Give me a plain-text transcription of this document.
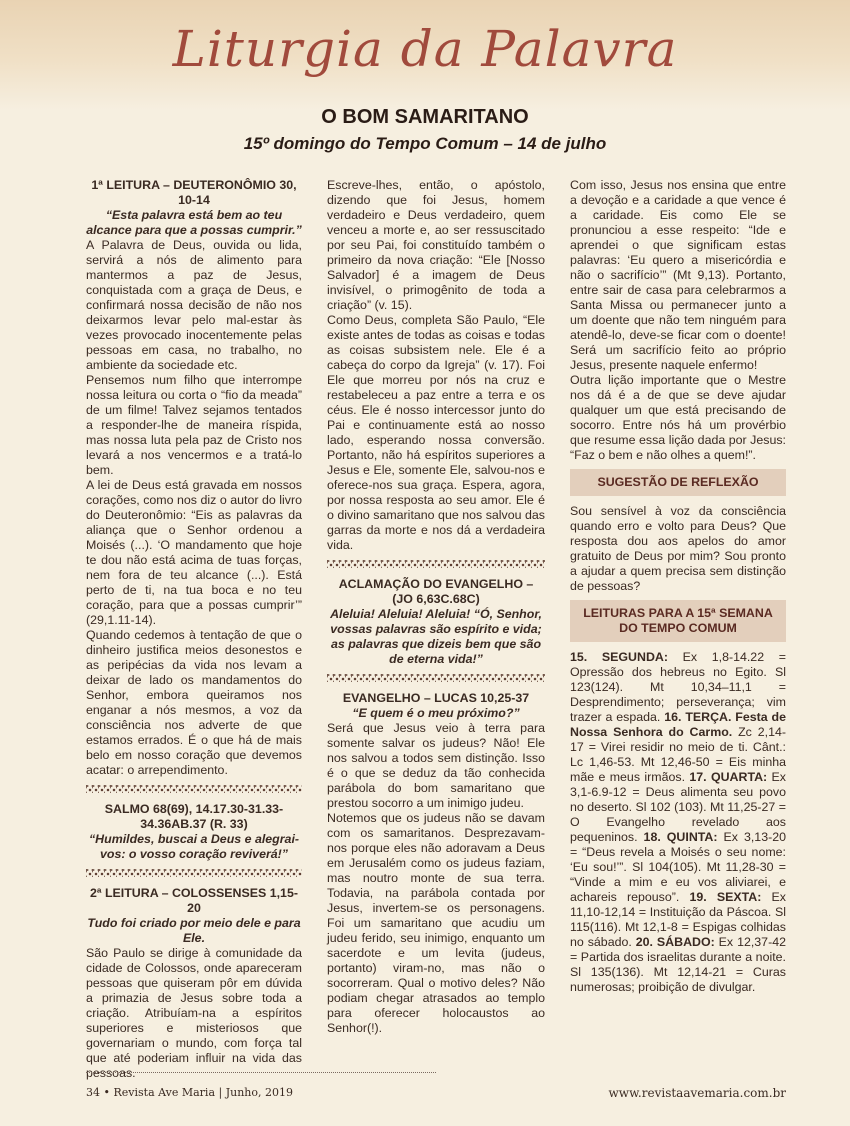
Liturgia da Palavra
O BOM SAMARITANO
15º domingo do Tempo Comum – 14 de julho

1ª LEITURA – DEUTERONÔMIO 30, 10-14

“Esta palavra está bem ao teu alcance para que a possas cumprir.”

A Palavra de Deus, ouvida ou lida, servirá a nós de alimento para mantermos a paz de Jesus, conquistada com a graça de Deus, e confirmará nossa decisão de não nos deixarmos levar pelo mal-estar às vezes provocado inocentemente pelas pessoas em casa, no trabalho, no ambiente da sociedade etc.

Pensemos num filho que interrompe nossa leitura ou corta o “fio da meada” de um filme! Talvez sejamos tentados a responder-lhe de maneira ríspida, mas nossa luta pela paz de Cristo nos levará a nos vencermos e a tratá-lo bem.

A lei de Deus está gravada em nossos corações, como nos diz o autor do livro do Deuteronômio: “Eis as palavras da aliança que o Senhor ordenou a Moisés (...). ‘O mandamento que hoje te dou não está acima de tuas forças, nem fora de teu alcance (...). Está perto de ti, na tua boca e no teu coração, para que a possas cumprir’” (29,1.11-14).

Quando cedemos à tentação de que o dinheiro justifica meios desonestos e as peripécias da vida nos levam a deixar de lado os mandamentos do Senhor, embora queiramos nos enganar a nós mesmos, a voz da consciência nos adverte de que estamos errados. É o que há de mais belo em nosso coração que devemos acatar: o arrependimento.

SALMO 68(69), 14.17.30-31.33-34.36AB.37 (R. 33)

“Humildes, buscai a Deus e alegrai-vos: o vosso coração reviverá!”

2ª LEITURA – COLOSSENSES 1,15-20

Tudo foi criado por meio dele e para Ele.

São Paulo se dirige à comunidade da cidade de Colossos, onde apareceram pessoas que quiseram pôr em dúvida a primazia de Jesus sobre toda a criação. Atribuíam-na a espíritos superiores e misteriosos que governariam o mundo, com força tal que até poderiam influir na vida das pessoas.

Escreve-lhes, então, o apóstolo, dizendo que foi Jesus, homem verdadeiro e Deus verdadeiro, quem venceu a morte e, ao ser ressuscitado por seu Pai, foi constituído também o primeiro da nova criação: “Ele [Nosso Salvador] é a imagem de Deus invisível, o primogênito de toda a criação” (v. 15).

Como Deus, completa São Paulo, “Ele existe antes de todas as coisas e todas as coisas subsistem nele. Ele é a cabeça do corpo da Igreja” (v. 17). Foi Ele que morreu por nós na cruz e restabeleceu a paz entre a terra e os céus. Ele é nosso intercessor junto do Pai e continuamente está ao nosso lado, esperando nossa conversão. Portanto, não há espíritos superiores a Jesus e Ele, somente Ele, salvou-nos e oferece-nos sua graça. Espera, agora, por nossa resposta ao seu amor. Ele é o divino samaritano que nos salvou das garras da morte e nos dá a verdadeira vida.

ACLAMAÇÃO DO EVANGELHO – (JO 6,63C.68C)

Aleluia! Aleluia! Aleluia! “Ó, Senhor, vossas palavras são espírito e vida; as palavras que dizeis bem que são de eterna vida!”

EVANGELHO – LUCAS 10,25-37

“E quem é o meu próximo?”

Será que Jesus veio à terra para somente salvar os judeus? Não! Ele nos salvou a todos sem distinção. Isso é o que se deduz da tão conhecida parábola do bom samaritano que prestou socorro a um inimigo judeu.

Notemos que os judeus não se davam com os samaritanos. Desprezavam-nos porque eles não adoravam a Deus em Jerusalém como os judeus faziam, mas noutro monte de sua terra. Todavia, na parábola contada por Jesus, invertem-se os personagens. Foi um samaritano que acudiu um judeu ferido, seu inimigo, enquanto um sacerdote e um levita (judeus, portanto) viram-no, mas não o socorreram. Qual o motivo deles? Não podiam chegar atrasados ao templo para oferecer holocaustos ao Senhor(!).

Com isso, Jesus nos ensina que entre a devoção e a caridade a que vence é a caridade. Eis como Ele se pronunciou a esse respeito: “Ide e aprendei o que significam estas palavras: ‘Eu quero a misericórdia e não o sacrifício’” (Mt 9,13). Portanto, entre sair de casa para celebrarmos a Santa Missa ou permanecer junto a um doente que não tem ninguém para atendê-lo, deve-se ficar com o doente! Será um sacrifício feito ao próprio Jesus, presente naquele enfermo!

Outra lição importante que o Mestre nos dá é a de que se deve ajudar qualquer um que está precisando de socorro. Entre nós há um provérbio que resume essa lição dada por Jesus: “Faz o bem e não olhes a quem!”.

SUGESTÃO DE REFLEXÃO

Sou sensível à voz da consciência quando erro e volto para Deus? Que resposta dou aos apelos do amor gratuito de Deus por mim? Sou pronto a ajudar a quem precisa sem distinção de pessoas?

LEITURAS PARA A 15ª SEMANA DO TEMPO COMUM

15. SEGUNDA: Ex 1,8-14.22 = Opressão dos hebreus no Egito. Sl 123(124). Mt 10,34–11,1 = Desprendimento; perseverança; vim trazer a espada. 16. TERÇA. Festa de Nossa Senhora do Carmo. Zc 2,14-17 = Virei residir no meio de ti. Cânt.: Lc 1,46-53. Mt 12,46-50 = Eis minha mãe e meus irmãos. 17. QUARTA: Ex 3,1-6.9-12 = Deus alimenta seu povo no deserto. Sl 102 (103). Mt 11,25-27 = O Evangelho revelado aos pequeninos. 18. QUINTA: Ex 3,13-20 = “Deus revela a Moisés o seu nome: ‘Eu sou!’”. Sl 104(105). Mt 11,28-30 = “Vinde a mim e eu vos aliviarei, e achareis repouso”. 19. SEXTA: Ex 11,10-12,14 = Instituição da Páscoa. Sl 115(116). Mt 12,1-8 = Espigas colhidas no sábado. 20. SÁBADO: Ex 12,37-42 = Partida dos israelitas durante a noite. Sl 135(136). Mt 12,14-21 = Curas numerosas; proibição de divulgar.

34 • Revista Ave Maria | Junho, 2019	www.revistaavemaria.com.br
